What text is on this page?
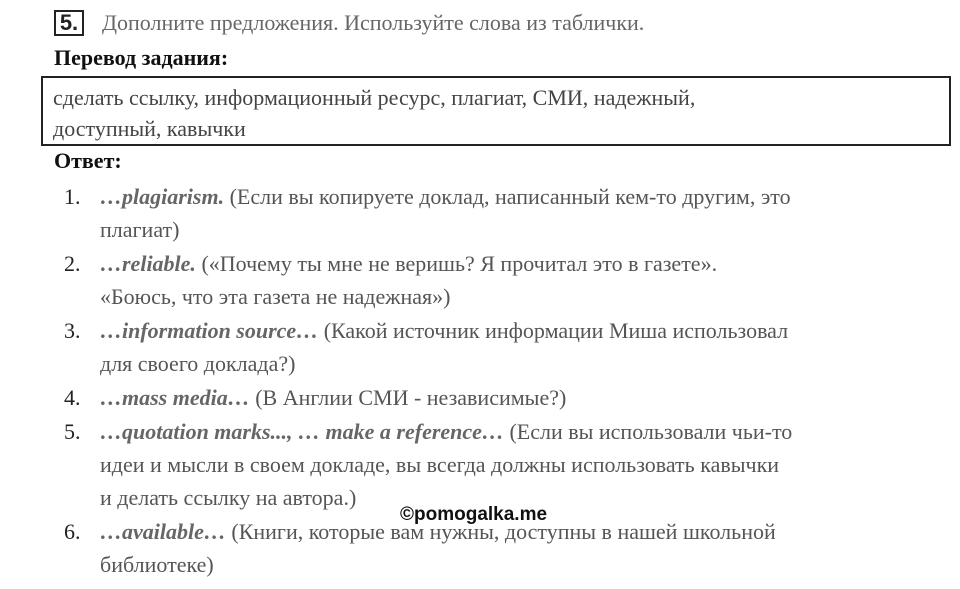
5. Дополните предложения. Используйте слова из таблички.
Перевод задания:
сделать ссылку, информационный ресурс, плагиат, СМИ, надежный,
доступный, кавычки
Ответ:
1. …plagiarism. (Если вы копируете доклад, написанный кем-то другим, это
плагиат)
2. …reliable. («Почему ты мне не веришь? Я прочитал это в газете».
«Боюсь, что эта газета не надежная»)
3. …information source… (Какой источник информации Миша использовал
для своего доклада?)
4. …mass media… (В Англии СМИ - независимые?)
5. …quotation marks..., … make a reference… (Если вы использовали чьи-то
идеи и мысли в своем докладе, вы всегда должны использовать кавычки
и делать ссылку на автора.)
6. …available… (Книги, которые вам нужны, доступны в нашей школьной
библиотеке)
©pomogalka.me
